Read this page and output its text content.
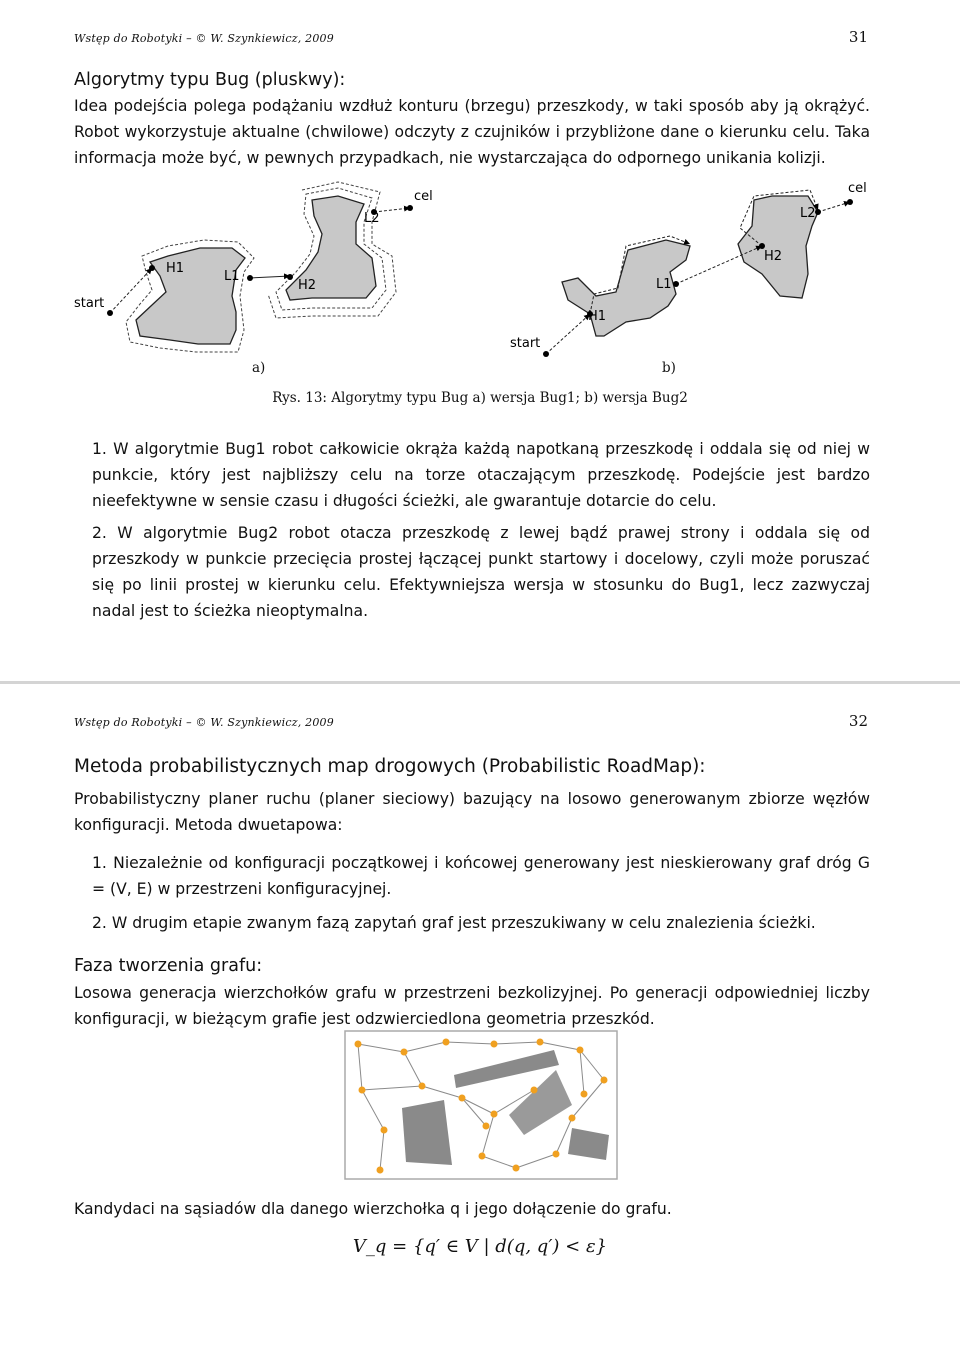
Wstęp do Robotyki – © W. Szynkiewicz, 2009	31
Algorytmy typu Bug (pluskwy):
Idea podejścia polega podążaniu wzdłuż konturu (brzegu) przeszkody, w taki sposób aby ją okrążyć. Robot wykorzystuje aktualne (chwilowe) odczyty z czujników i przybliżone dane o kierunku celu. Taka informacja może być, w pewnych przypadkach, nie wystarczająca do odpornego unikania kolizji.
start
H1
L1
H2
L2
cel
start
H1
L1
H2
L2
cel
a)	b)
Rys. 13: Algorytmy typu Bug a) wersja Bug1; b) wersja Bug2
1. W algorytmie Bug1 robot całkowicie okrąża każdą napotkaną przeszkodę i oddala się od niej w punkcie, który jest najbliższy celu na torze otaczającym przeszkodę. Podejście jest bardzo nieefektywne w sensie czasu i długości ścieżki, ale gwarantuje dotarcie do celu.
2. W algorytmie Bug2 robot otacza przeszkodę z lewej bądź prawej strony i oddala się od przeszkody w punkcie przecięcia prostej łączącej punkt startowy i docelowy, czyli może poruszać się po linii prostej w kierunku celu. Efektywniejsza wersja w stosunku do Bug1, lecz zazwyczaj nadal jest to ścieżka nieoptymalna.
Wstęp do Robotyki – © W. Szynkiewicz, 2009	32
Metoda probabilistycznych map drogowych (Probabilistic RoadMap):
Probabilistyczny planer ruchu (planer sieciowy) bazujący na losowo generowanym zbiorze węzłów konfiguracji. Metoda dwuetapowa:
1. Niezależnie od konfiguracji początkowej i końcowej generowany jest nieskierowany graf dróg G = (V, E) w przestrzeni konfiguracyjnej.
2. W drugim etapie zwanym fazą zapytań graf jest przeszukiwany w celu znalezienia ścieżki.
Faza tworzenia grafu:
Losowa generacja wierzchołków grafu w przestrzeni bezkolizyjnej. Po generacji odpowiedniej liczby konfiguracji, w bieżącym grafie jest odzwierciedlona geometria przeszkód.
Kandydaci na sąsiadów dla danego wierzchołka q i jego dołączenie do grafu.
V_q = {q′ ∈ V | d(q, q′) < ε}
